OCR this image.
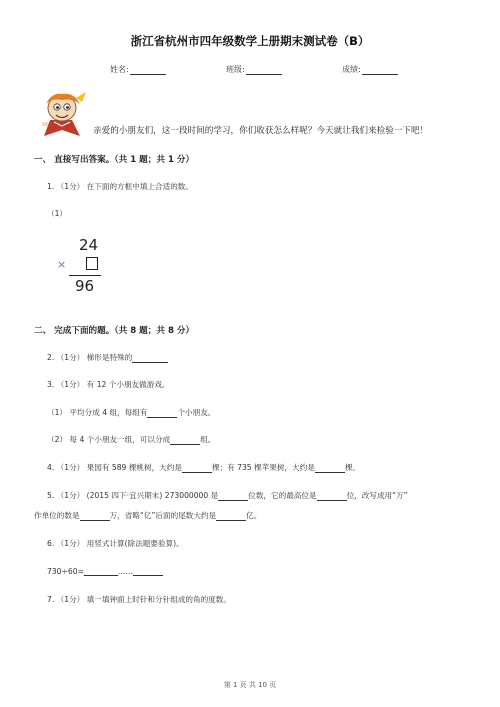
浙江省杭州市四年级数学上册期末测试卷（B）
姓名:	班级:	成绩:
亲爱的小朋友们，这一段时间的学习，你们收获怎么样呢？今天就让我们来检验一下吧！
一、 直接写出答案。（共 1 题；共 1 分）
1. （1分） 在下面的方框中填上合适的数。
（1）
24
×
96
二、 完成下面的题。（共 8 题；共 8 分）
2. （1分） 梯形是特殊的
3. （1分） 有 12 个小朋友做游戏。
（1） 平均分成 4 组，每组有	个小朋友。
（2） 每 4 个小朋友一组，可以分成	组。
4. （1分） 果园有 589 棵桃树，大约是	棵；有 735 棵苹果树，大约是	棵。
5. （1分） (2015 四下·宜兴期末) 273000000 是	位数，它的最高位是	位，改写成用“万”
作单位的数是	万，省略“亿”后面的尾数大约是	亿。
6. （1分） 用竖式计算(除法题要验算)。
730÷60=	……
7. （1分） 填一填钟面上时针和分针组成的角的度数。
第 1 页 共 10 页
